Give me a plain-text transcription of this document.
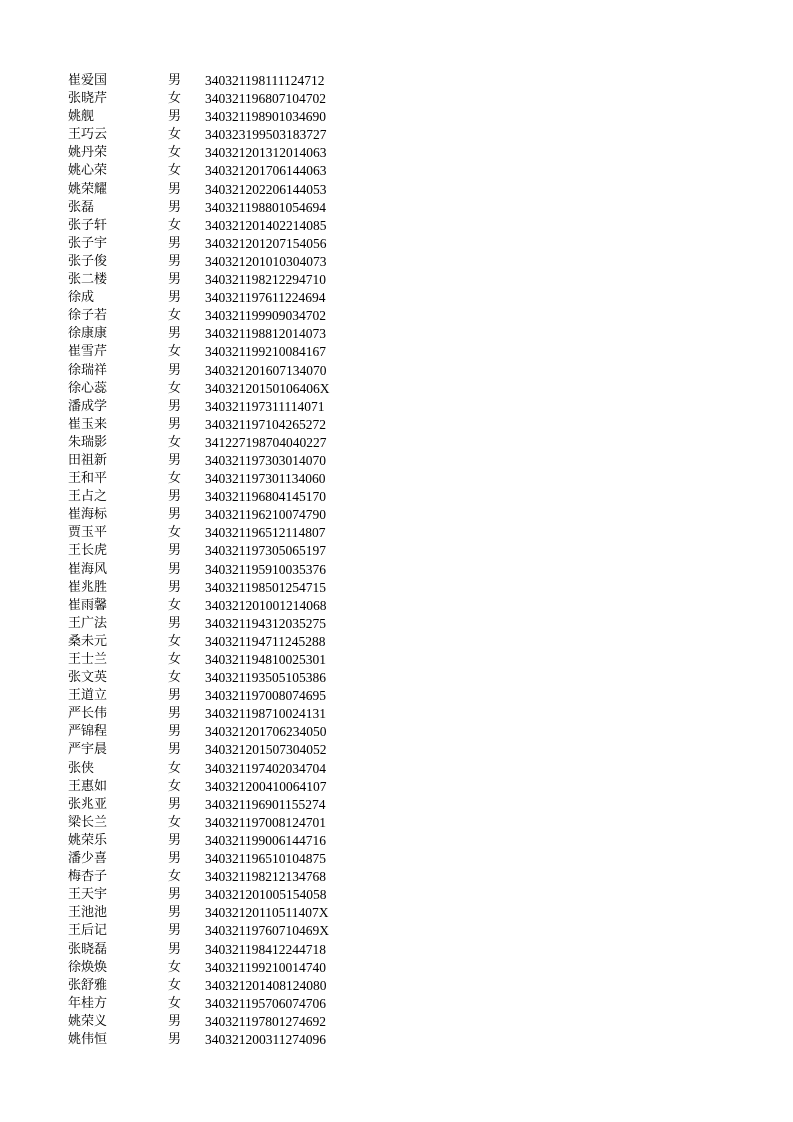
崔爱国	男	340321198111124712
张晓芹	女	340321196807104702
姚舰	男	340321198901034690
王巧云	女	340323199503183727
姚丹荣	女	340321201312014063
姚心荣	女	340321201706144063
姚荣耀	男	340321202206144053
张磊	男	340321198801054694
张子轩	女	340321201402214085
张子宇	男	340321201207154056
张子俊	男	340321201010304073
张二楼	男	340321198212294710
徐成	男	340321197611224694
徐子若	女	340321199909034702
徐康康	男	340321198812014073
崔雪芹	女	340321199210084167
徐瑞祥	男	340321201607134070
徐心蕊	女	34032120150106406X
潘成学	男	340321197311114071
崔玉来	男	340321197104265272
朱瑞影	女	341227198704040227
田祖新	男	340321197303014070
王和平	女	340321197301134060
王占之	男	340321196804145170
崔海标	男	340321196210074790
贾玉平	女	340321196512114807
王长虎	男	340321197305065197
崔海风	男	340321195910035376
崔兆胜	男	340321198501254715
崔雨馨	女	340321201001214068
王广法	男	340321194312035275
桑未元	女	340321194711245288
王士兰	女	340321194810025301
张文英	女	340321193505105386
王道立	男	340321197008074695
严长伟	男	340321198710024131
严锦程	男	340321201706234050
严宇晨	男	340321201507304052
张侠	女	340321197402034704
王惠如	女	340321200410064107
张兆亚	男	340321196901155274
梁长兰	女	340321197008124701
姚荣乐	男	340321199006144716
潘少喜	男	340321196510104875
梅杏子	女	340321198212134768
王天宇	男	340321201005154058
王池池	男	34032120110511407X
王后记	男	34032119760710469X
张晓磊	男	340321198412244718
徐焕焕	女	340321199210014740
张舒雅	女	340321201408124080
年桂方	女	340321195706074706
姚荣义	男	340321197801274692
姚伟恒	男	340321200311274096
